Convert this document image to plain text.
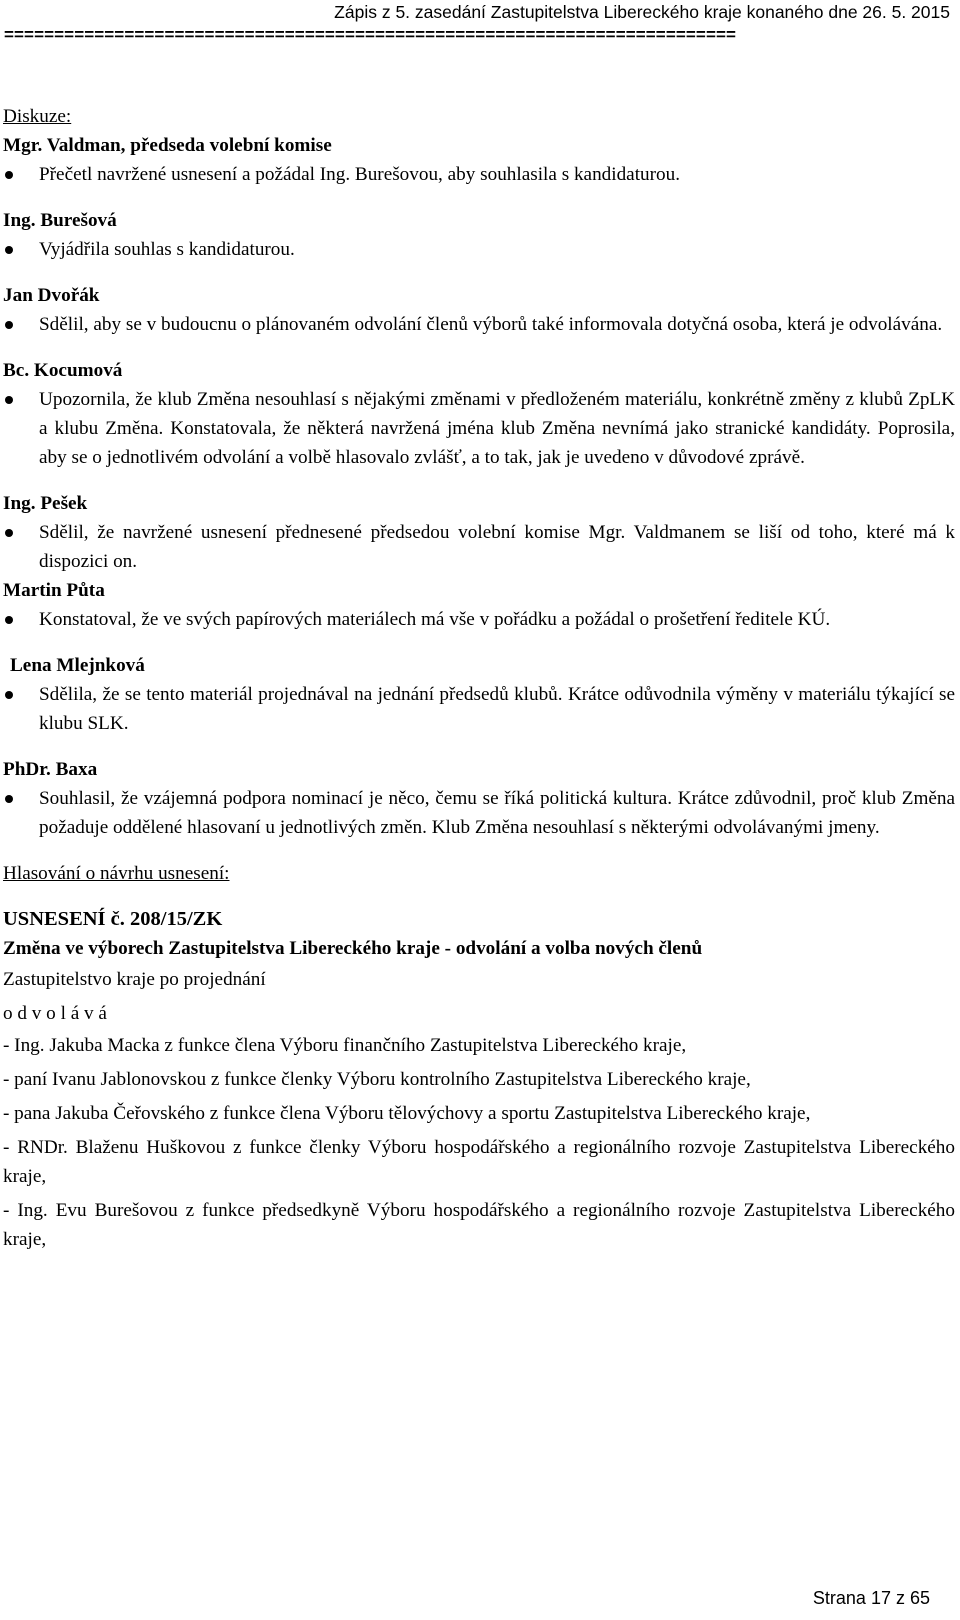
Zápis z 5. zasedání Zastupitelstva Libereckého kraje konaného dne 26. 5. 2015
=========================================================================

Diskuze:

Mgr. Valdman, předseda volební komise

Přečetl navržené usnesení a požádal Ing. Burešovou, aby souhlasila s kandidaturou.

Ing. Burešová

Vyjádřila souhlas s kandidaturou.

Jan Dvořák

Sdělil, aby se v budoucnu o plánovaném odvolání členů výborů také informovala dotyčná osoba, která je odvolávána.

Bc. Kocumová

Upozornila, že klub Změna nesouhlasí s nějakými změnami v předloženém materiálu, konkrétně změny z klubů ZpLK a klubu Změna. Konstatovala, že některá navržená jména klub Změna nevnímá jako stranické kandidáty. Poprosila, aby se o jednotlivém odvolání a volbě hlasovalo zvlášť, a to tak, jak je uvedeno v důvodové zprávě.

Ing. Pešek

Sdělil, že navržené usnesení přednesené předsedou volební komise Mgr. Valdmanem se liší od toho, které má k dispozici on.

Martin Půta

Konstatoval, že ve svých papírových materiálech má vše v pořádku a požádal o prošetření ředitele KÚ.

Lena Mlejnková

Sdělila, že se tento materiál projednával na jednání předsedů klubů. Krátce odůvodnila výměny v materiálu týkající se klubu SLK.

PhDr. Baxa

Souhlasil, že vzájemná podpora nominací je něco, čemu se říká politická kultura. Krátce zdůvodnil, proč klub Změna požaduje oddělené hlasovaní u jednotlivých změn. Klub Změna nesouhlasí s některými odvolávanými jmeny.

Hlasování o návrhu usnesení:

USNESENÍ č. 208/15/ZK

Změna ve výborech Zastupitelstva Libereckého kraje - odvolání a volba nových členů

Zastupitelstvo kraje po projednání

o d v o l á v á

- Ing. Jakuba Macka z funkce člena Výboru finančního Zastupitelstva Libereckého kraje,

- paní Ivanu Jablonovskou z funkce členky Výboru kontrolního Zastupitelstva Libereckého kraje,

- pana Jakuba Čeřovského z funkce člena Výboru tělovýchovy a sportu Zastupitelstva Libereckého kraje,

- RNDr. Blaženu Huškovou z funkce členky Výboru hospodářského a regionálního rozvoje Zastupitelstva Libereckého kraje,

- Ing. Evu Burešovou z funkce předsedkyně Výboru hospodářského a regionálního rozvoje Zastupitelstva Libereckého kraje,

Strana 17 z 65
